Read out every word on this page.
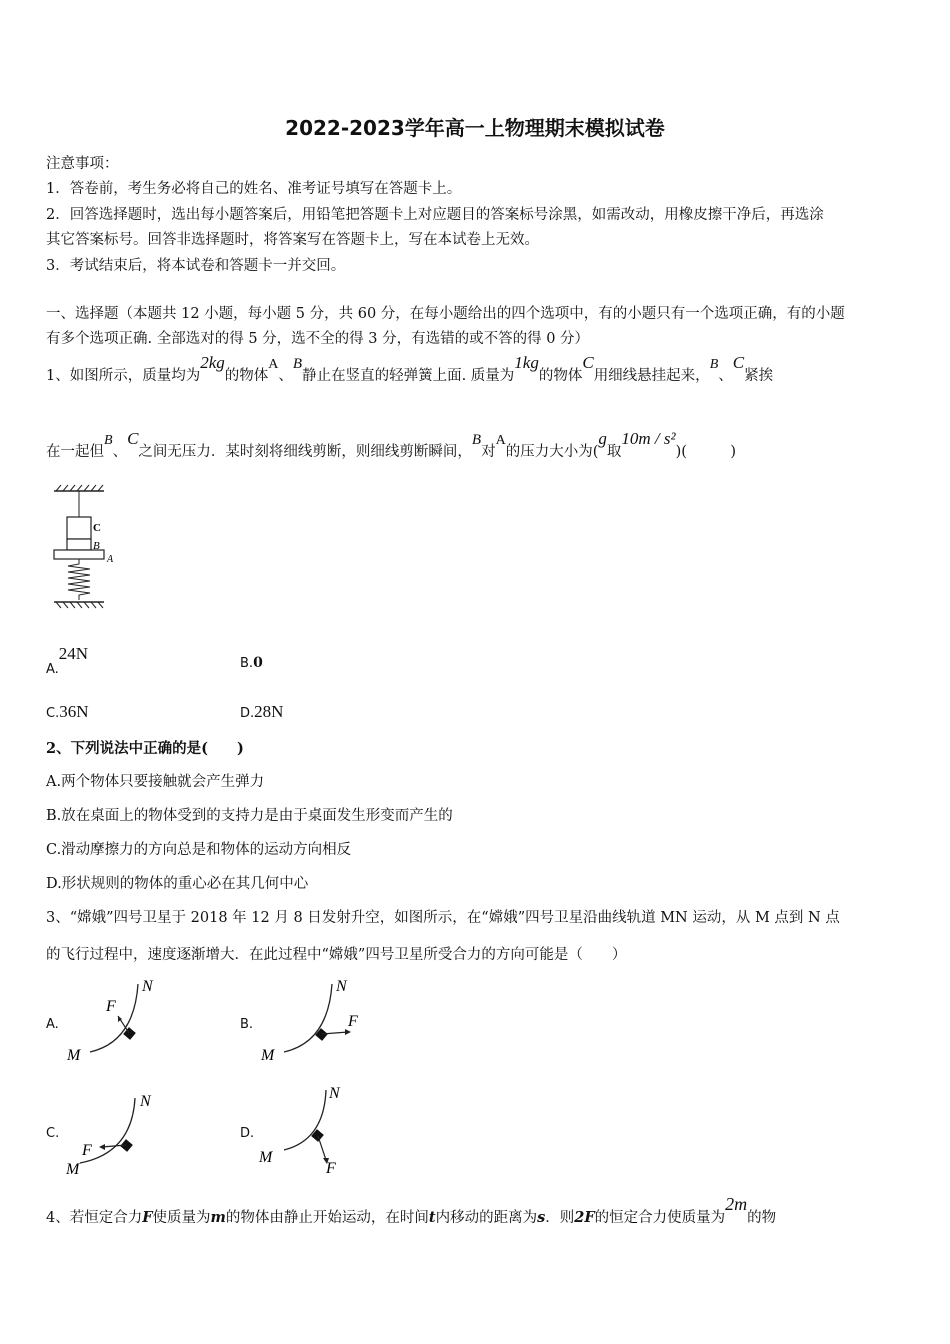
2022-2023学年高一上物理期末模拟试卷
注意事项：
1．答卷前，考生务必将自己的姓名、准考证号填写在答题卡上。
2．回答选择题时，选出每小题答案后，用铅笔把答题卡上对应题目的答案标号涂黑，如需改动，用橡皮擦干净后，再选涂
其它答案标号。回答非选择题时，将答案写在答题卡上，写在本试卷上无效。
3．考试结束后，将本试卷和答题卡一并交回。
一、选择题（本题共 12 小题，每小题 5 分，共 60 分，在每小题给出的四个选项中，有的小题只有一个选项正确，有的小题
有多个选项正确. 全部选对的得 5 分，选不全的得 3 分，有选错的或不答的得 0 分）
1、如图所示，质量均为2kg的物体A、B静止在竖直的轻弹簧上面. 质量为1kg的物体C用细线悬挂起来，B、C紧挨
在一起但B、C之间无压力．某时刻将细线剪断，则细线剪断瞬间，B对A的压力大小为(g取10m / s²)(　　　)
C
B
A
A.24N
B.0
C.36N	D.28N
2、下列说法中正确的是(　　)
A.两个物体只要接触就会产生弹力
B.放在桌面上的物体受到的支持力是由于桌面发生形变而产生的
C.滑动摩擦力的方向总是和物体的运动方向相反
D.形状规则的物体的重心必在其几何中心
3、“嫦娥”四号卫星于 2018 年 12 月 8 日发射升空，如图所示，在“嫦娥”四号卫星沿曲线轨道 MN 运动，从 M 点到 N 点
的飞行过程中，速度逐渐增大．在此过程中“嫦娥”四号卫星所受合力的方向可能是（　　）
A.
M
N
F
B.
M
N
F
C.
M
N
F
D.
M
N
F
4、若恒定合力F使质量为m的物体由静止开始运动，在时间t内移动的距离为s．则2F的恒定合力使质量为2m的物
